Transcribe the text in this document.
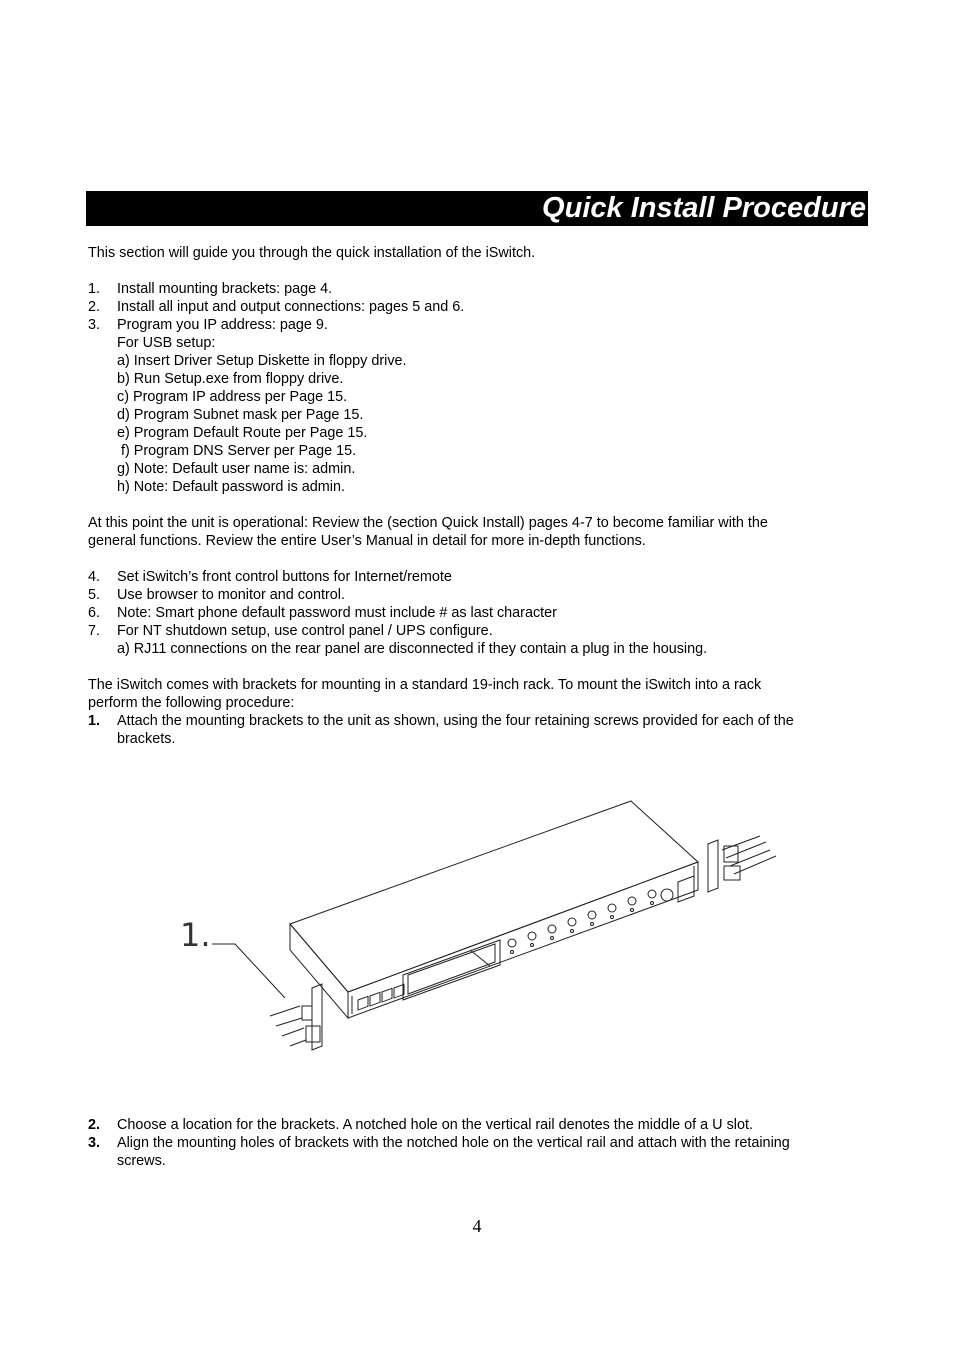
Quick Install Procedure
This section will guide you through the quick installation of the iSwitch.
1. Install mounting brackets: page 4.
2. Install all input and output connections: pages 5 and 6.
3. Program you IP address: page 9.
For USB setup:
a) Insert Driver Setup Diskette in floppy drive.
b) Run Setup.exe from floppy drive.
c) Program IP address per Page 15.
d) Program Subnet mask per Page 15.
e) Program Default Route per Page 15.
f) Program DNS Server per Page 15.
g) Note: Default user name is: admin.
h) Note: Default password is admin.
At this point the unit is operational: Review the (section Quick Install) pages 4-7 to become familiar with the
general functions. Review the entire User’s Manual in detail for more in-depth functions.
4. Set iSwitch’s front control buttons for Internet/remote
5. Use browser to monitor and control.
6. Note: Smart phone default password must include # as last character
7. For NT shutdown setup, use control panel / UPS configure.
a) RJ11 connections on the rear panel are disconnected if they contain a plug in the housing.
The iSwitch comes with brackets for mounting in a standard 19-inch rack. To mount the iSwitch into a rack
perform the following procedure:
1. Attach the mounting brackets to the unit as shown, using the four retaining screws provided for each of the
brackets.
1.
2. Choose a location for the brackets. A notched hole on the vertical rail denotes the middle of a U slot.
3. Align the mounting holes of brackets with the notched hole on the vertical rail and attach with the retaining
screws.
4
